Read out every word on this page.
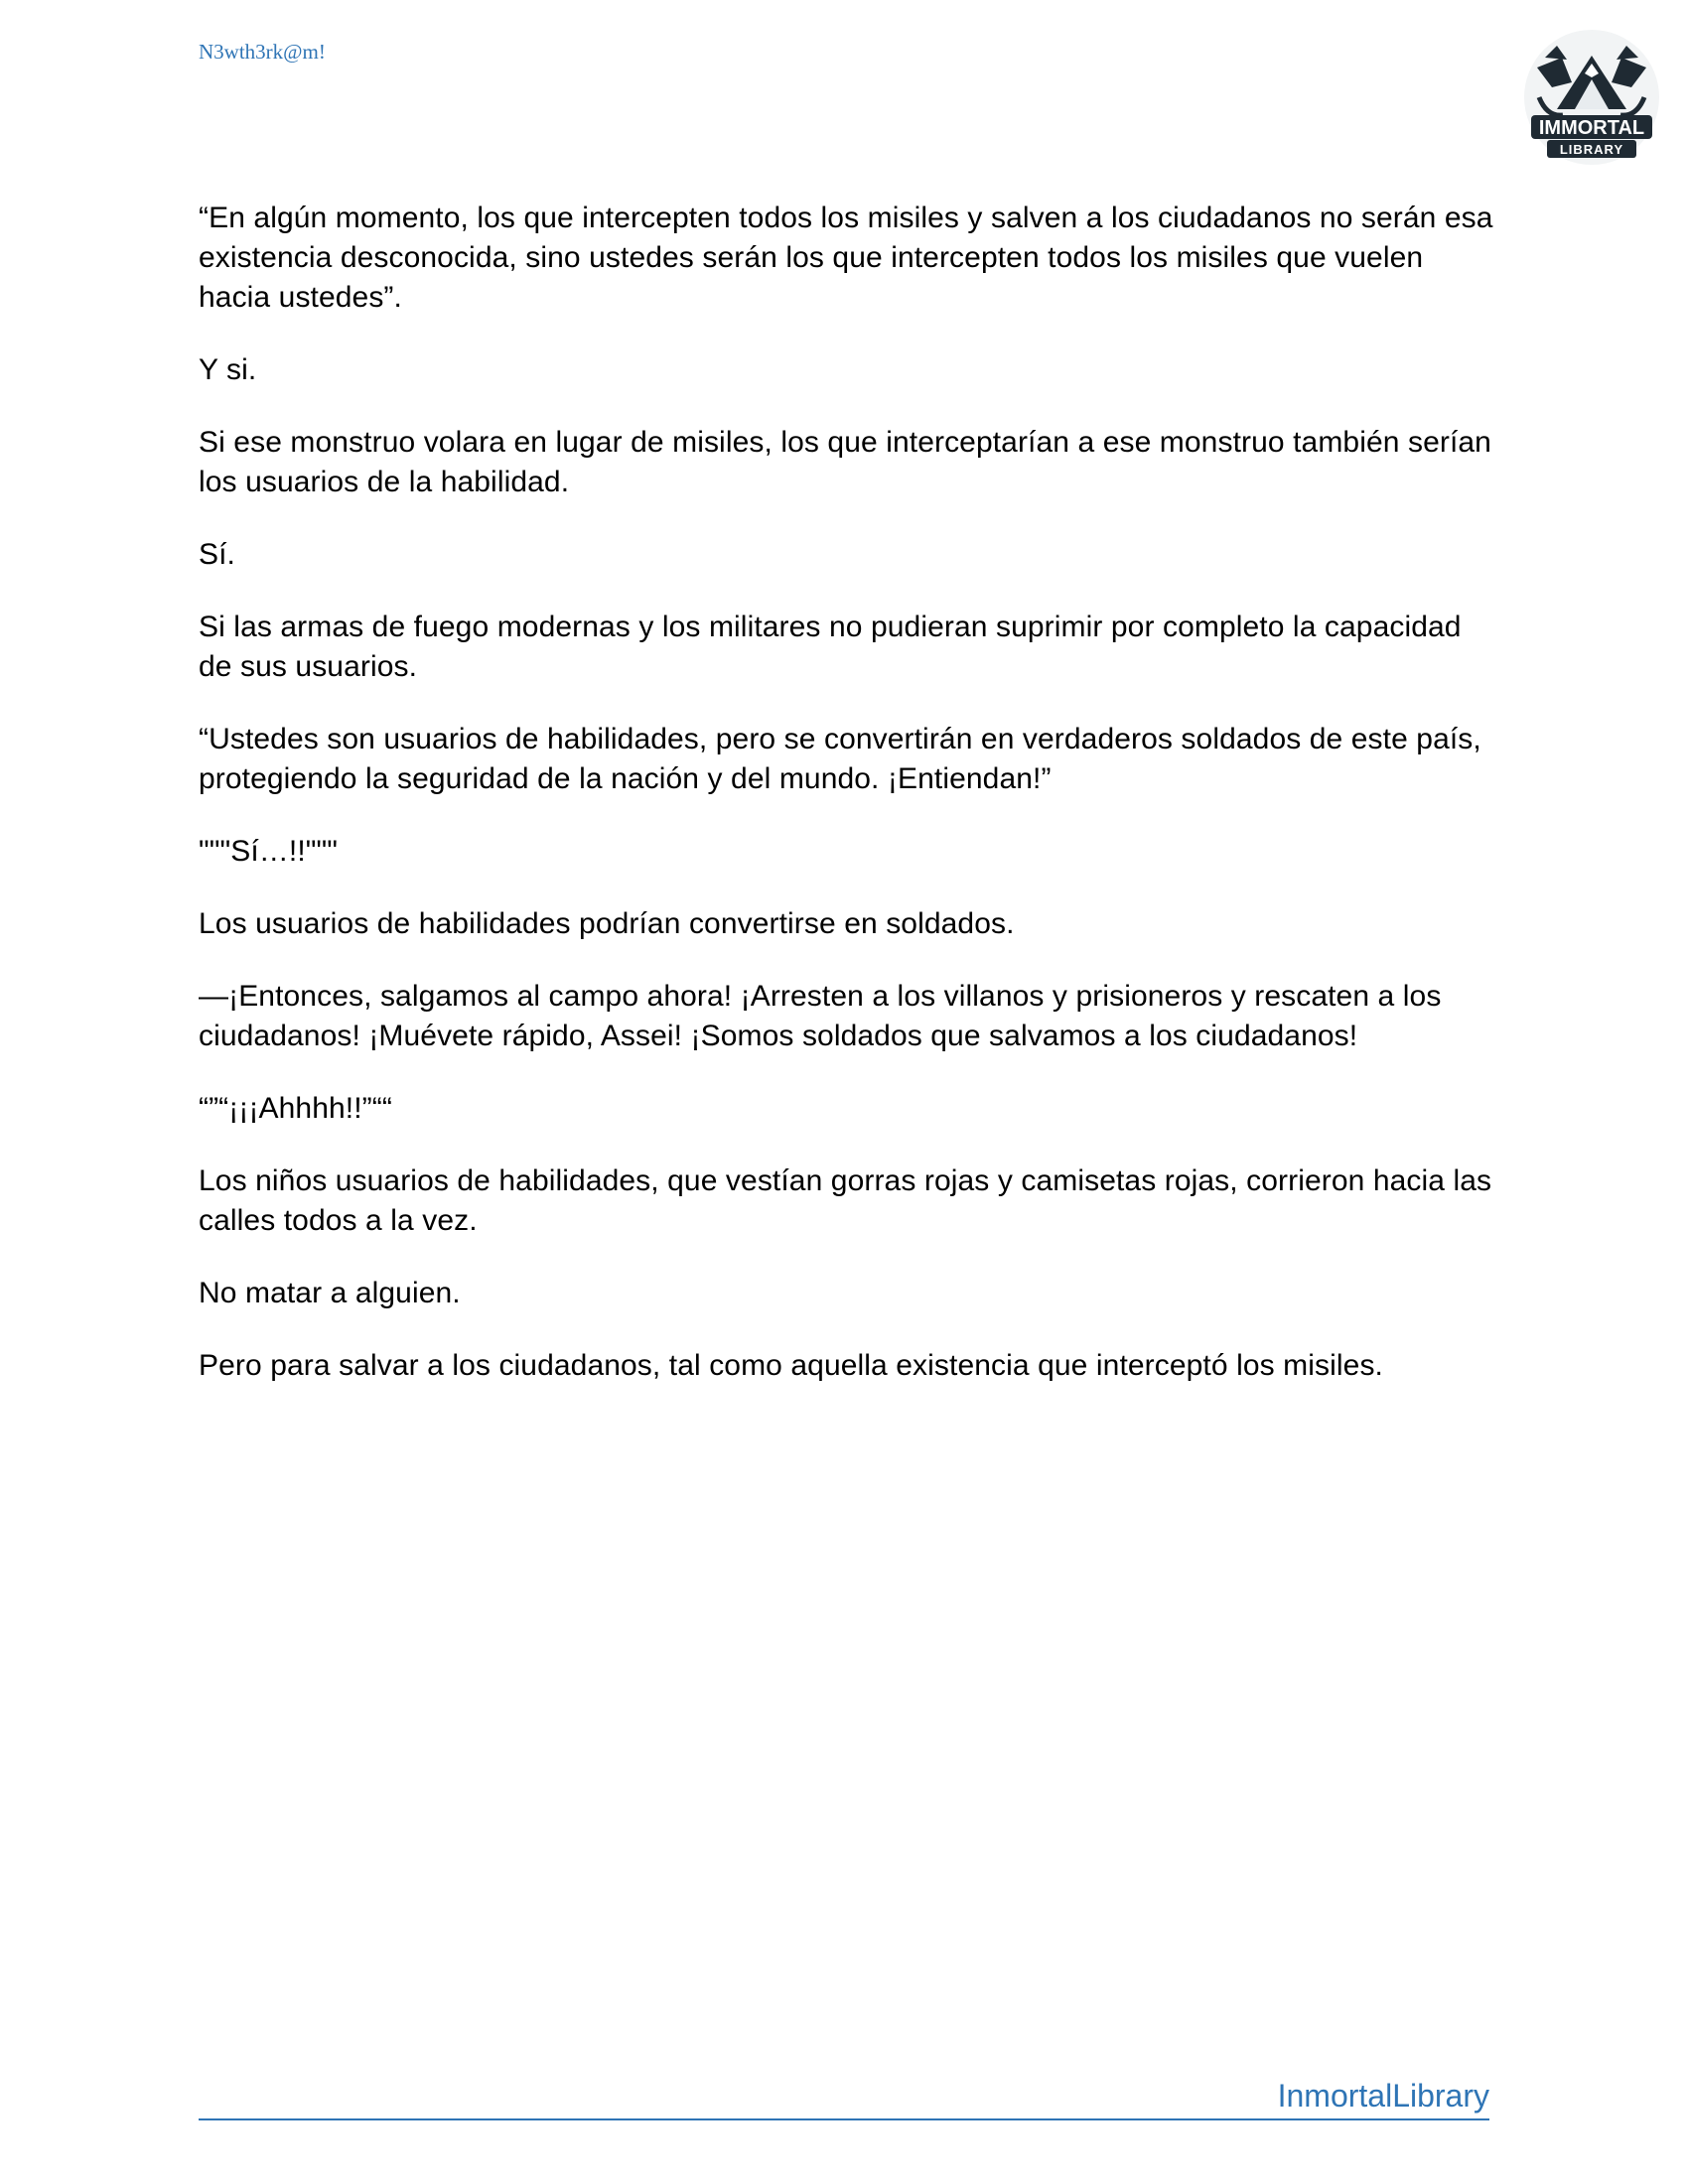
N3wth3rk@m!

IMMORTAL
LIBRARY

“En algún momento, los que intercepten todos los misiles y salven a los ciudadanos no serán esa existencia desconocida, sino ustedes serán los que intercepten todos los misiles que vuelen hacia ustedes”.

Y si.

Si ese monstruo volara en lugar de misiles, los que interceptarían a ese monstruo también serían los usuarios de la habilidad.

Sí.

Si las armas de fuego modernas y los militares no pudieran suprimir por completo la capacidad de sus usuarios.

“Ustedes son usuarios de habilidades, pero se convertirán en verdaderos soldados de este país, protegiendo la seguridad de la nación y del mundo. ¡Entiendan!”

"""Sí…!!"""

Los usuarios de habilidades podrían convertirse en soldados.

—¡Entonces, salgamos al campo ahora! ¡Arresten a los villanos y prisioneros y rescaten a los ciudadanos! ¡Muévete rápido, Assei! ¡Somos soldados que salvamos a los ciudadanos!

“”“¡¡¡Ahhhh!!”““

Los niños usuarios de habilidades, que vestían gorras rojas y camisetas rojas, corrieron hacia las calles todos a la vez.

No matar a alguien.

Pero para salvar a los ciudadanos, tal como aquella existencia que interceptó los misiles.

InmortalLibrary
